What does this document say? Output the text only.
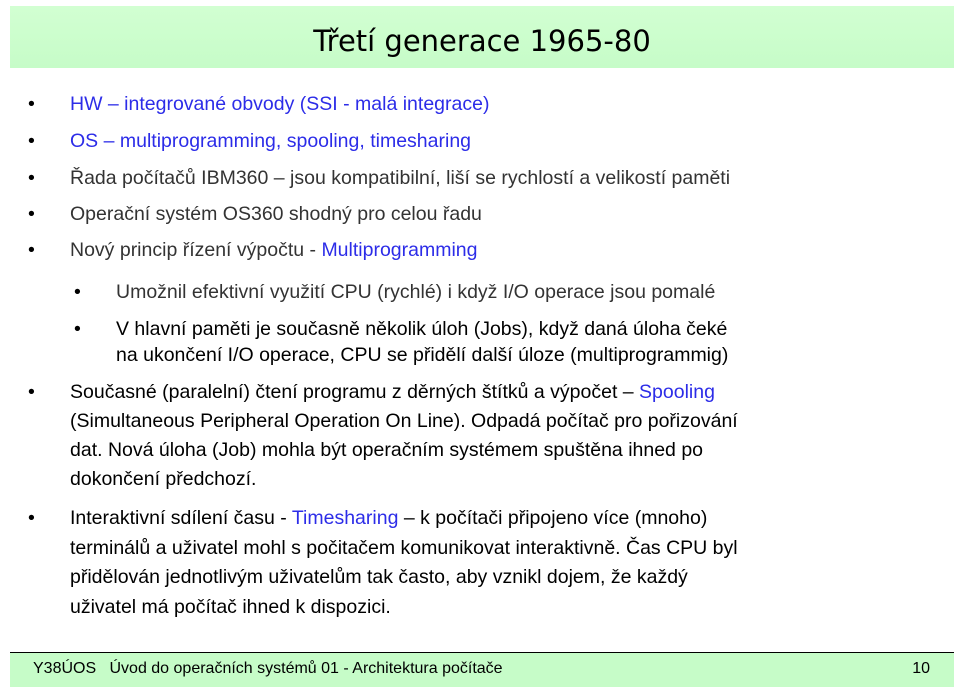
Třetí generace 1965-80
• HW – integrované obvody (SSI - malá integrace)
• OS – multiprogramming, spooling, timesharing
• Řada počítačů IBM360 – jsou kompatibilní, liší se rychlostí a velikostí paměti
• Operační systém OS360 shodný pro celou řadu
• Nový princip řízení výpočtu - Multiprogramming
• Umožnil efektivní využití CPU (rychlé) i když I/O operace jsou pomalé
• V hlavní paměti je současně několik úloh (Jobs), když daná úloha čeké
na ukončení I/O operace, CPU se přidělí další úloze (multiprogrammig)
• Současné (paralelní) čtení programu z děrných štítků a výpočet – Spooling
(Simultaneous Peripheral Operation On Line). Odpadá počítač pro pořizování
dat. Nová úloha (Job) mohla být operačním systémem spuštěna ihned po
dokončení předchozí.
• Interaktivní sdílení času - Timesharing – k počítači připojeno více (mnoho)
terminálů a uživatel mohl s počitačem komunikovat interaktivně. Čas CPU byl
přidělován jednotlivým uživatelům tak často, aby vznikl dojem, že každý
uživatel má počítač ihned k dispozici.
Y38ÚOS Úvod do operačních systémů 01 - Architektura počítače	10
